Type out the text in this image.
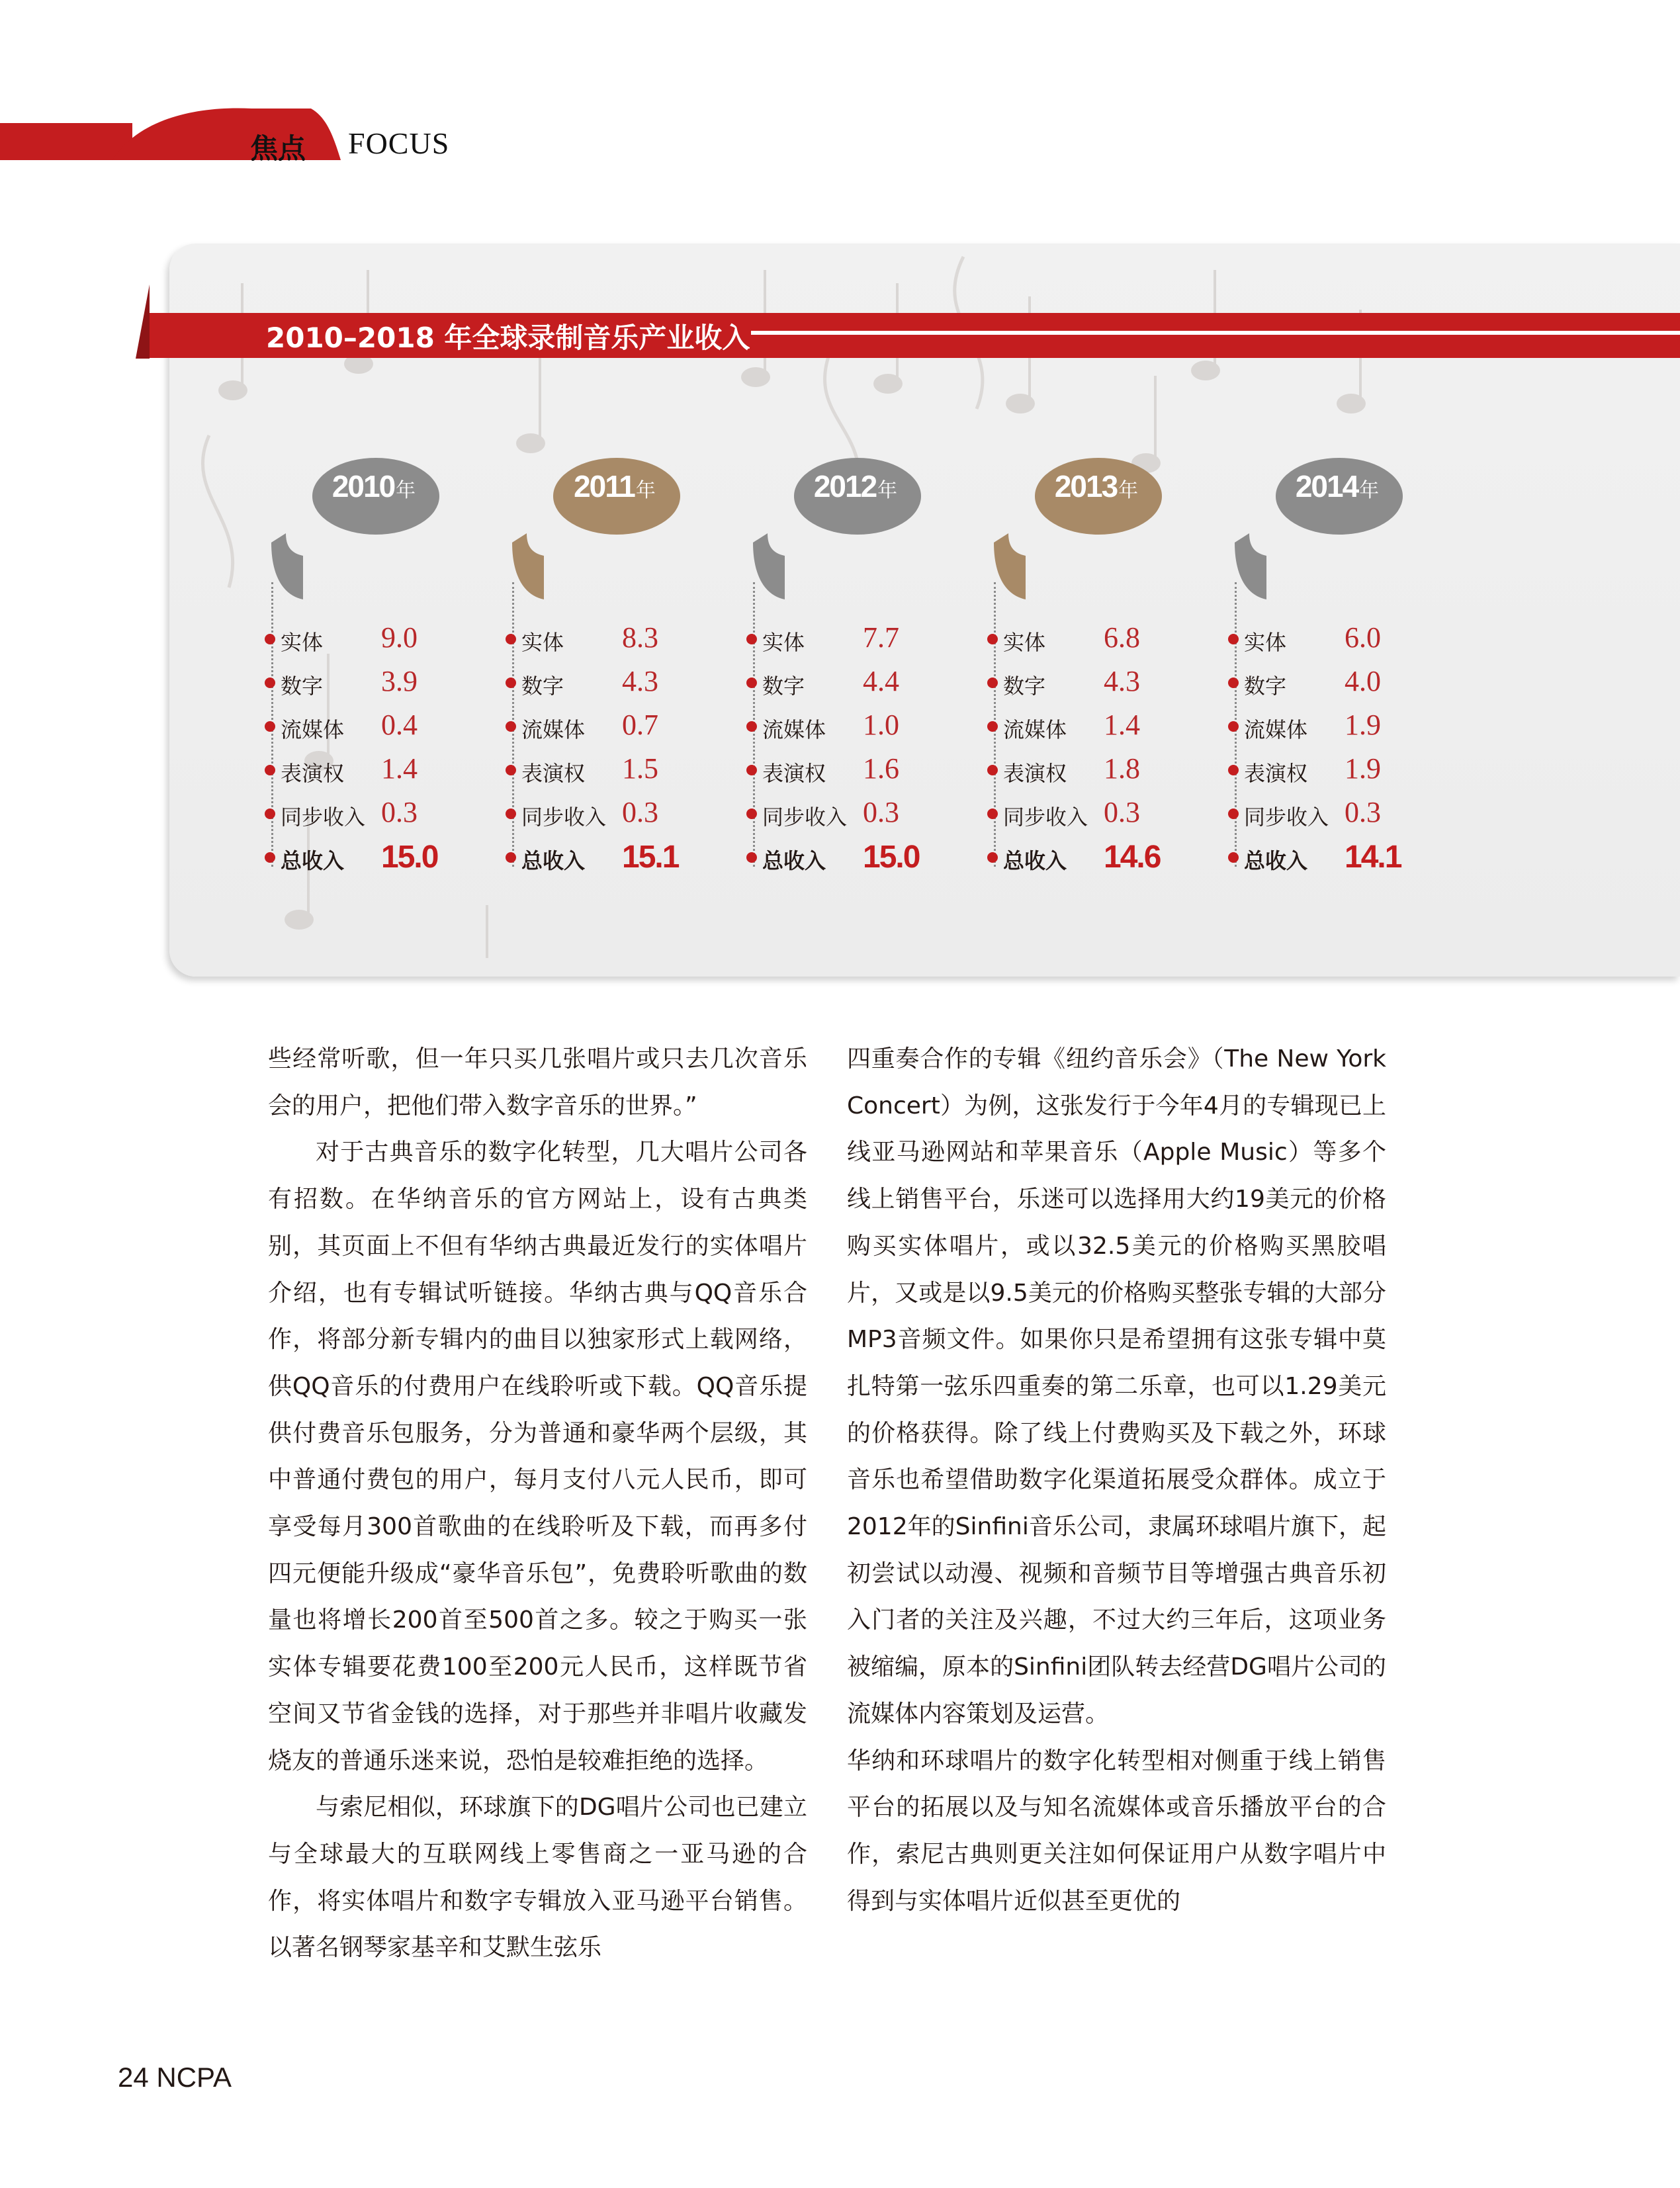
焦点 FOCUS
2010–2018 年全球录制音乐产业收入
2010年
实体 9.0
数字 3.9
流媒体 0.4
表演权 1.4
同步收入 0.3
总收入 15.0
2011年
实体 8.3
数字 4.3
流媒体 0.7
表演权 1.5
同步收入 0.3
总收入 15.1
2012年
实体 7.7
数字 4.4
流媒体 1.0
表演权 1.6
同步收入 0.3
总收入 15.0
2013年
实体 6.8
数字 4.3
流媒体 1.4
表演权 1.8
同步收入 0.3
总收入 14.6
2014年
实体 6.0
数字 4.0
流媒体 1.9
表演权 1.9
同步收入 0.3
总收入 14.1

些经常听歌，但一年只买几张唱片或只去几次音乐会的用户，把他们带入数字音乐的世界。”

对于古典音乐的数字化转型，几大唱片公司各有招数。在华纳音乐的官方网站上，设有古典类别，其页面上不但有华纳古典最近发行的实体唱片介绍，也有专辑试听链接。华纳古典与QQ音乐合作，将部分新专辑内的曲目以独家形式上载网络，供QQ音乐的付费用户在线聆听或下载。QQ音乐提供付费音乐包服务，分为普通和豪华两个层级，其中普通付费包的用户，每月支付八元人民币，即可享受每月300首歌曲的在线聆听及下载，而再多付四元便能升级成“豪华音乐包”，免费聆听歌曲的数量也将增长200首至500首之多。较之于购买一张实体专辑要花费100至200元人民币，这样既节省空间又节省金钱的选择，对于那些并非唱片收藏发烧友的普通乐迷来说，恐怕是较难拒绝的选择。

与索尼相似，环球旗下的DG唱片公司也已建立与全球最大的互联网线上零售商之一亚马逊的合作，将实体唱片和数字专辑放入亚马逊平台销售。以著名钢琴家基辛和艾默生弦乐

四重奏合作的专辑《纽约音乐会》（The New York Concert）为例，这张发行于今年4月的专辑现已上线亚马逊网站和苹果音乐（Apple Music）等多个线上销售平台，乐迷可以选择用大约19美元的价格购买实体唱片，或以32.5美元的价格购买黑胶唱片，又或是以9.5美元的价格购买整张专辑的大部分MP3音频文件。如果你只是希望拥有这张专辑中莫扎特第一弦乐四重奏的第二乐章，也可以1.29美元的价格获得。除了线上付费购买及下载之外，环球音乐也希望借助数字化渠道拓展受众群体。成立于2012年的Sinfini音乐公司，隶属环球唱片旗下，起初尝试以动漫、视频和音频节目等增强古典音乐初入门者的关注及兴趣，不过大约三年后，这项业务被缩编，原本的Sinfini团队转去经营DG唱片公司的流媒体内容策划及运营。

华纳和环球唱片的数字化转型相对侧重于线上销售平台的拓展以及与知名流媒体或音乐播放平台的合作，索尼古典则更关注如何保证用户从数字唱片中得到与实体唱片近似甚至更优的

24 NCPA
